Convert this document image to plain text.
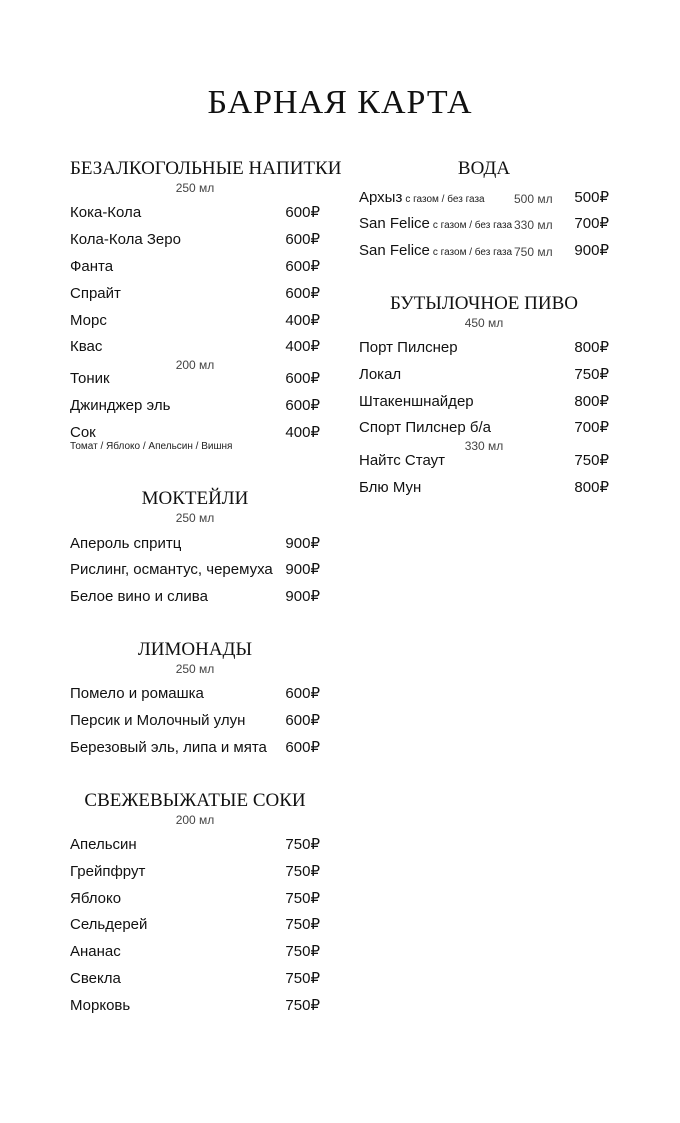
БАРНАЯ КАРТА
БЕЗАЛКОГОЛЬНЫЕ НАПИТКИ
250 мл
Кока-Кола	600₽
Кола-Кола Зеро	600₽
Фанта	600₽
Спрайт	600₽
Морс	400₽
Квас	400₽
200 мл
Тоник	600₽
Джинджер эль	600₽
Сок	400₽
Томат / Яблоко / Апельсин / Вишня
МОКТЕЙЛИ
250 мл
Апероль спритц	900₽
Рислинг, османтус, черемуха 900₽
Белое вино и слива	900₽
ЛИМОНАДЫ
250 мл
Помело и ромашка	600₽
Персик и Молочный улун	600₽
Березовый эль, липа и мята 600₽
СВЕЖЕВЫЖАТЫЕ СОКИ
200 мл
Апельсин	750₽
Грейпфрут	750₽
Яблоко	750₽
Сельдерей	750₽
Ананас	750₽
Свекла	750₽
Морковь	750₽
ВОДА
Архыз с газом / без газа 500 мл 500₽
San Felice с газом / без газа 330 мл 700₽
San Felice с газом / без газа 750 мл 900₽
БУТЫЛОЧНОЕ ПИВО
450 мл
Порт Пилснер	800₽
Локал	750₽
Штакеншнайдер	800₽
Спорт Пилснер б/а	700₽
330 мл
Найтс Стаут	750₽
Блю Мун	800₽
